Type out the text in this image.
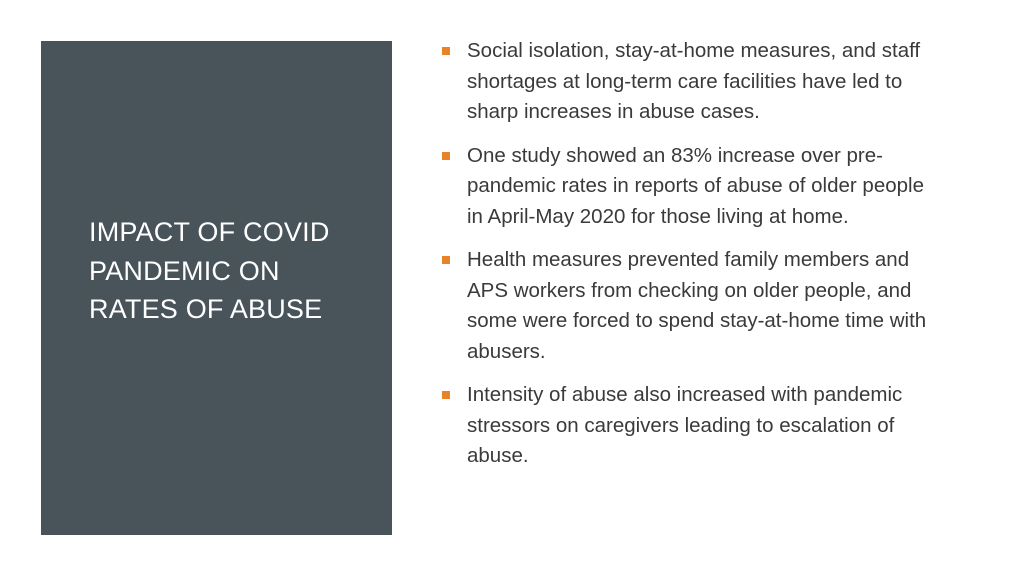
IMPACT OF COVID PANDEMIC ON RATES OF ABUSE
Social isolation, stay-at-home measures, and staff shortages at long-term care facilities have led to sharp increases in abuse cases.
One study showed an 83% increase over pre-pandemic rates in reports of abuse of older people in April-May 2020 for those living at home.
Health measures prevented family members and APS workers from checking on older people, and some were forced to spend stay-at-home time with abusers.
Intensity of abuse also increased with pandemic stressors on caregivers leading to escalation of abuse.
